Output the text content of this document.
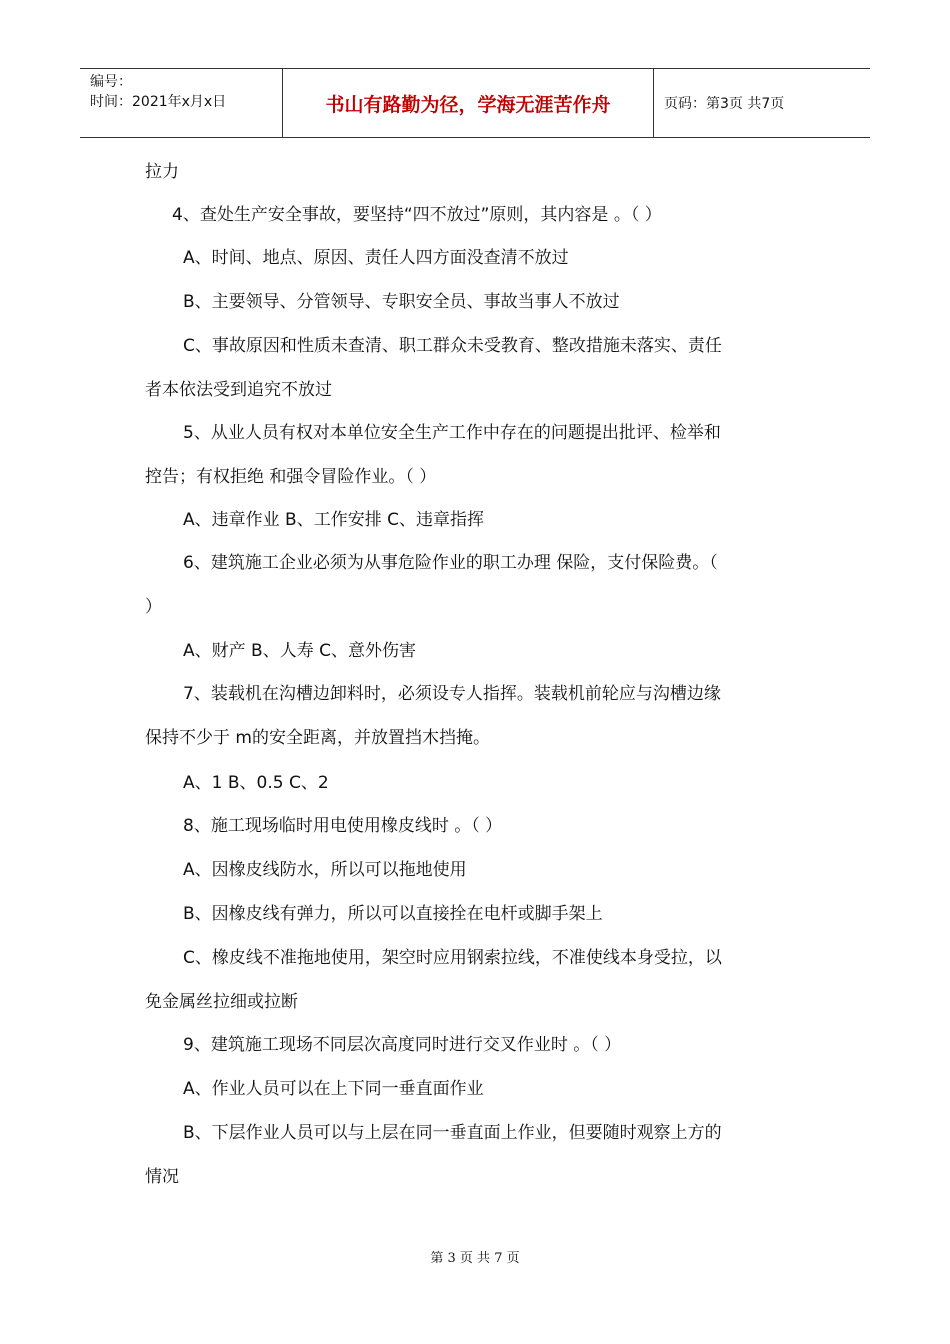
编号：
时间：2021年x月x日	书山有路勤为径，学海无涯苦作舟	页码：第3页 共7页
拉力
4、查处生产安全事故，要坚持“四不放过”原则，其内容是 。（ ）
A、时间、地点、原因、责任人四方面没查清不放过
B、主要领导、分管领导、专职安全员、事故当事人不放过
C、事故原因和性质未查清、职工群众未受教育、整改措施未落实、责任
者本依法受到追究不放过
5、从业人员有权对本单位安全生产工作中存在的问题提出批评、检举和
控告；有权拒绝 和强令冒险作业。（ ）
A、违章作业 B、工作安排 C、违章指挥
6、建筑施工企业必须为从事危险作业的职工办理 保险，支付保险费。（
）
A、财产 B、人寿 C、意外伤害
7、装载机在沟槽边卸料时，必须设专人指挥。装载机前轮应与沟槽边缘
保持不少于 m的安全距离，并放置挡木挡掩。
A、1 B、0.5 C、2
8、施工现场临时用电使用橡皮线时 。（ ）
A、因橡皮线防水，所以可以拖地使用
B、因橡皮线有弹力，所以可以直接拴在电杆或脚手架上
C、橡皮线不准拖地使用，架空时应用钢索拉线，不准使线本身受拉，以
免金属丝拉细或拉断
9、建筑施工现场不同层次高度同时进行交叉作业时 。（ ）
A、作业人员可以在上下同一垂直面作业
B、下层作业人员可以与上层在同一垂直面上作业，但要随时观察上方的
情况
第 3 页 共 7 页
